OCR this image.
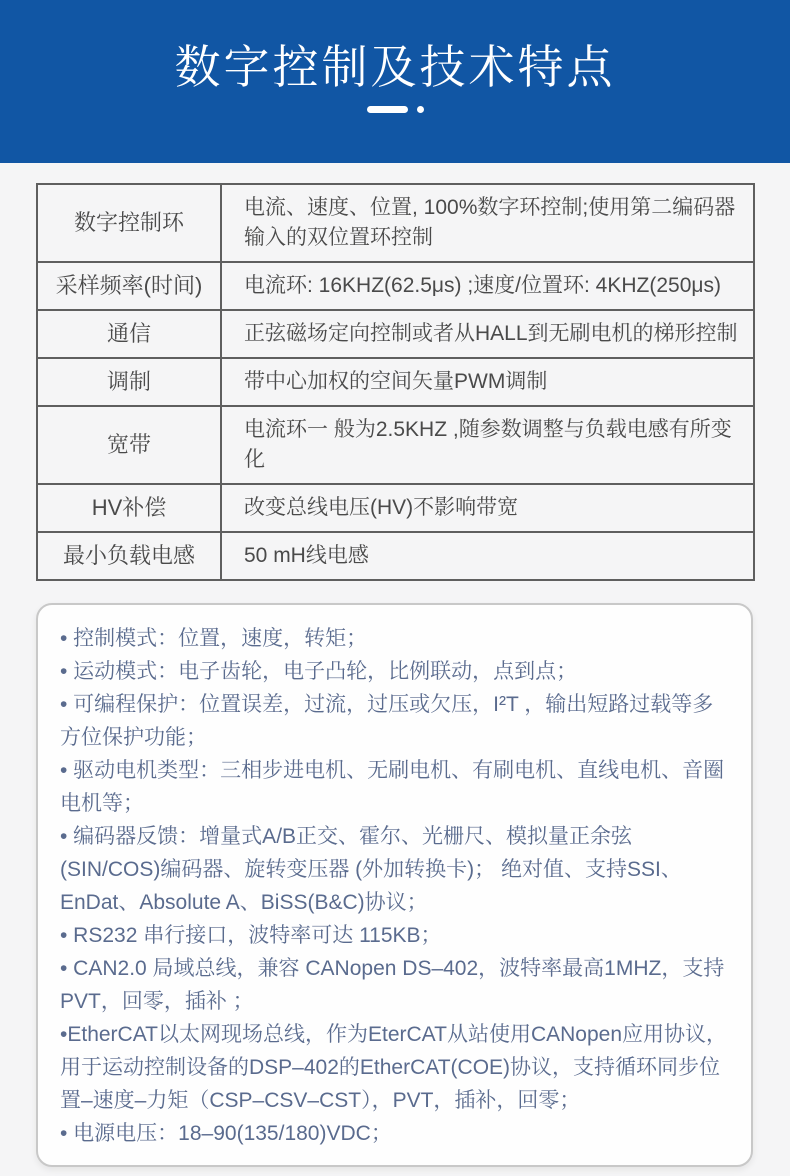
数字控制及技术特点
数字控制环	电流、速度、位置, 100%数字环控制;使用第二编码器输入的双位置环控制
采样频率(时间)	电流环: 16KHZ(62.5μs) ;速度/位置环: 4KHZ(250μs)
通信	正弦磁场定向控制或者从HALL到无刷电机的梯形控制
调制	带中心加权的空间矢量PWM调制
宽带	电流环一 般为2.5KHZ ,随参数调整与负载电感有所变化
HV补偿	改变总线电压(HV)不影响带宽
最小负载电感	50 mH线电感
• 控制模式：位置，速度，转矩；
• 运动模式：电子齿轮，电子凸轮，比例联动，点到点；
• 可编程保护：位置误差，过流，过压或欠压，I²T ，输出短路过载等多方位保护功能；
• 驱动电机类型：三相步进电机、无刷电机、有刷电机、直线电机、音圈电机等；
• 编码器反馈：增量式A/B正交、霍尔、光栅尺、模拟量正余弦(SIN/COS)编码器、旋转变压器 (外加转换卡)； 绝对值、支持SSI、EnDat、Absolute A、BiSS(B&C)协议；
• RS232 串行接口，波特率可达 115KB；
• CAN2.0 局域总线，兼容 CANopen DS–402，波特率最高1MHZ，支持PVT，回零，插补 ；
•EtherCAT以太网现场总线，作为EterCAT从站使用CANopen应用协议，用于运动控制设备的DSP–402的EtherCAT(COE)协议，支持循环同步位置–速度–力矩（CSP–CSV–CST），PVT，插补，回零；
• 电源电压：18–90(135/180)VDC；
